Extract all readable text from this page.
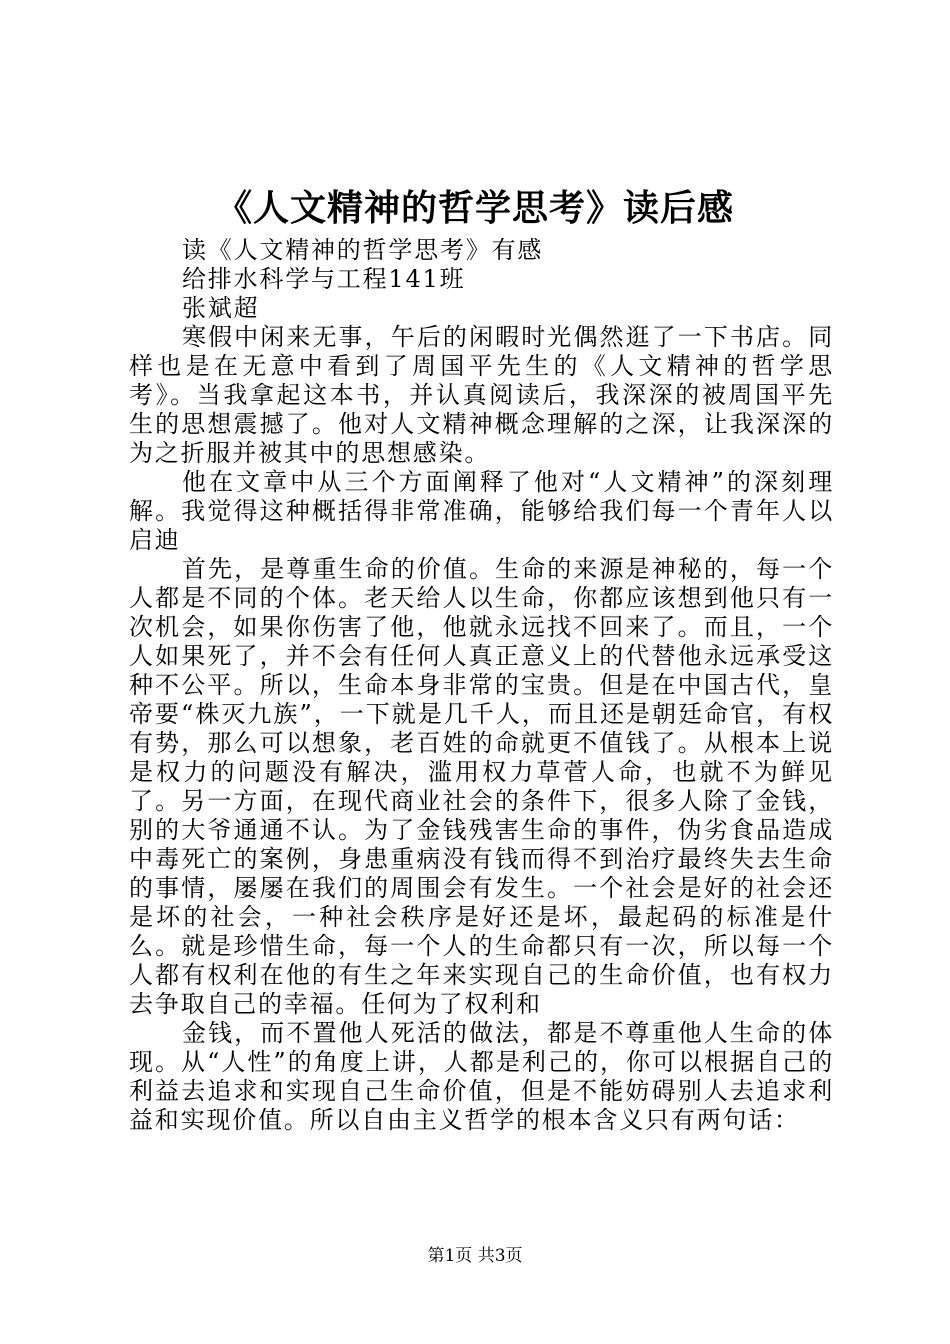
《人文精神的哲学思考》读后感

读《人文精神的哲学思考》有感

给排水科学与工程141班

张斌超

寒假中闲来无事，午后的闲暇时光偶然逛了一下书店。同样也是在无意中看到了周国平先生的《人文精神的哲学思考》。当我拿起这本书，并认真阅读后，我深深的被周国平先生的思想震撼了。他对人文精神概念理解的之深，让我深深的为之折服并被其中的思想感染。

他在文章中从三个方面阐释了他对“人文精神”的深刻理解。我觉得这种概括得非常准确，能够给我们每一个青年人以启迪

首先，是尊重生命的价值。生命的来源是神秘的，每一个人都是不同的个体。老天给人以生命，你都应该想到他只有一次机会，如果你伤害了他，他就永远找不回来了。而且，一个人如果死了，并不会有任何人真正意义上的代替他永远承受这种不公平。所以，生命本身非常的宝贵。但是在中国古代，皇帝要“株灭九族”，一下就是几千人，而且还是朝廷命官，有权有势，那么可以想象，老百姓的命就更不值钱了。从根本上说是权力的问题没有解决，滥用权力草菅人命，也就不为鲜见了。另一方面，在现代商业社会的条件下，很多人除了金钱，别的大爷通通不认。为了金钱残害生命的事件，伪劣食品造成中毒死亡的案例，身患重病没有钱而得不到治疗最终失去生命的事情，屡屡在我们的周围会有发生。一个社会是好的社会还是坏的社会，一种社会秩序是好还是坏，最起码的标准是什么。就是珍惜生命，每一个人的生命都只有一次，所以每一个人都有权利在他的有生之年来实现自己的生命价值，也有权力去争取自己的幸福。任何为了权利和

金钱，而不置他人死活的做法，都是不尊重他人生命的体现。从“人性”的角度上讲，人都是利己的，你可以根据自己的利益去追求和实现自己生命价值，但是不能妨碍别人去追求利益和实现价值。所以自由主义哲学的根本含义只有两句话：

第1页 共3页
